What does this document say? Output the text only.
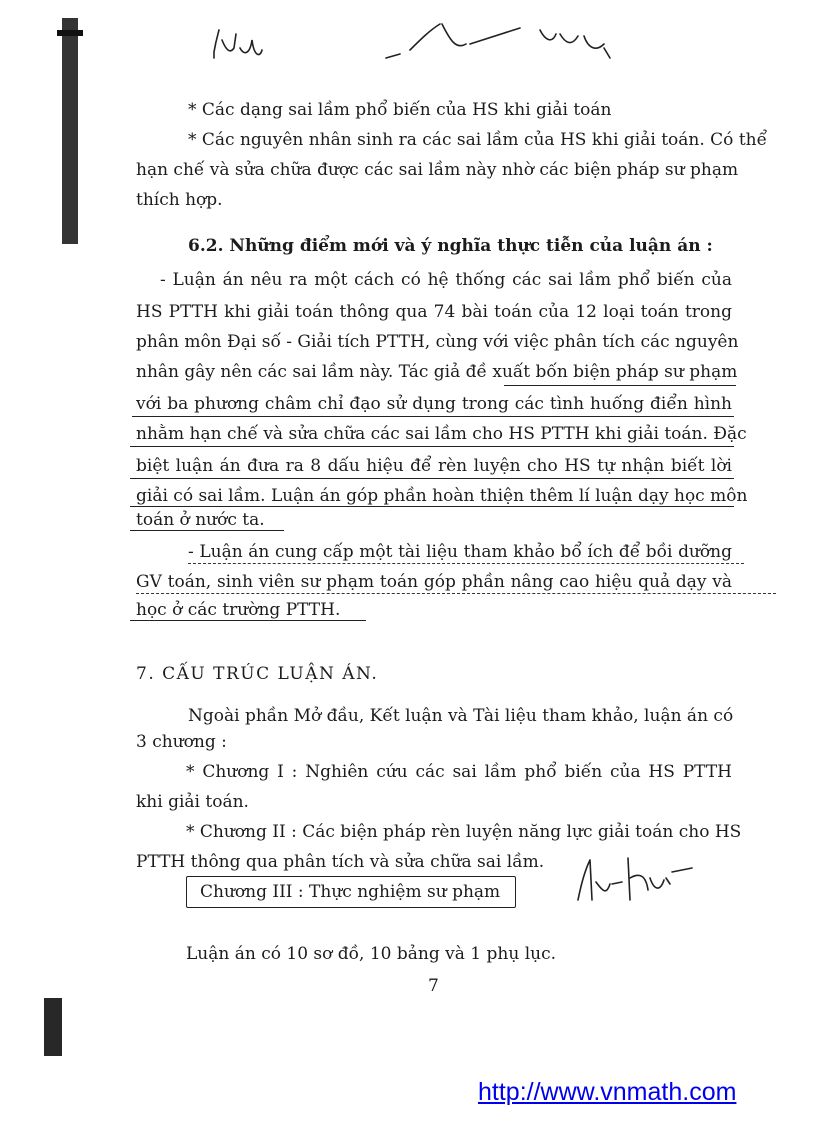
* Các dạng sai lầm phổ biến của HS khi giải toán
* Các nguyên nhân sinh ra các sai lầm của HS khi giải toán. Có thể
hạn chế và sửa chữa được các sai lầm này nhờ các biện pháp sư phạm
thích hợp.
6.2. Những điểm mới và ý nghĩa thực tiễn của luận án :
- Luận án nêu ra một cách có hệ thống các sai lầm phổ biến của
HS PTTH khi giải toán thông qua 74 bài toán của 12 loại toán trong
phân môn Đại số - Giải tích PTTH, cùng với việc phân tích các nguyên
nhân gây nên các sai lầm này. Tác giả đề xuất bốn biện pháp sư phạm
với ba phương châm chỉ đạo sử dụng trong các tình huống điển hình
nhằm hạn chế và sửa chữa các sai lầm cho HS PTTH khi giải toán. Đặc
biệt luận án đưa ra 8 dấu hiệu để rèn luyện cho HS tự nhận biết lời
giải có sai lầm. Luận án góp phần hoàn thiện thêm lí luận dạy học môn
toán ở nước ta.
- Luận án cung cấp một tài liệu tham khảo bổ ích để bồi dưỡng
GV toán, sinh viên sư phạm toán góp phần nâng cao hiệu quả dạy và
học ở các trường PTTH.
7. CẤU TRÚC LUẬN ÁN.
Ngoài phần Mở đầu, Kết luận và Tài liệu tham khảo, luận án có
3 chương :
* Chương I : Nghiên cứu các sai lầm phổ biến của HS PTTH
khi giải toán.
* Chương II : Các biện pháp rèn luyện năng lực giải toán cho HS
PTTH thông qua phân tích và sửa chữa sai lầm.
Chương III : Thực nghiệm sư phạm
Luận án có 10 sơ đồ, 10 bảng và 1 phụ lục.
7
http://www.vnmath.com
